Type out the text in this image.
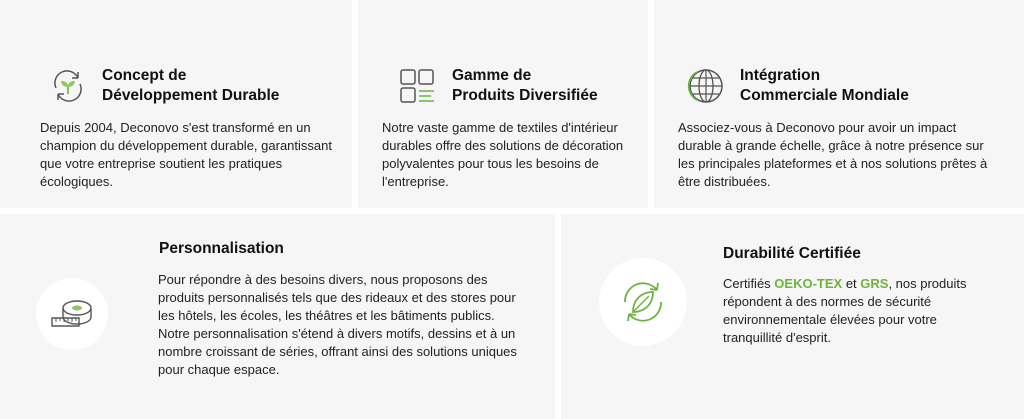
Concept de
Développement Durable

Depuis 2004, Deconovo s'est transformé en un champion du développement durable, garantissant que votre entreprise soutient les pratiques écologiques.

Gamme de
Produits Diversifiée

Notre vaste gamme de textiles d'intérieur durables offre des solutions de décoration polyvalentes pour tous les besoins de l'entreprise.

Intégration
Commerciale Mondiale

Associez-vous à Deconovo pour avoir un impact durable à grande échelle, grâce à notre présence sur les principales plateformes et à nos solutions prêtes à être distribuées.

Personnalisation

Pour répondre à des besoins divers, nous proposons des produits personnalisés tels que des rideaux et des stores pour les hôtels, les écoles, les théâtres et les bâtiments publics. Notre personnalisation s'étend à divers motifs, dessins et à un nombre croissant de séries, offrant ainsi des solutions uniques pour chaque espace.

Durabilité Certifiée

Certifiés OEKO-TEX et GRS, nos produits répondent à des normes de sécurité environnementale élevées pour votre tranquillité d'esprit.
